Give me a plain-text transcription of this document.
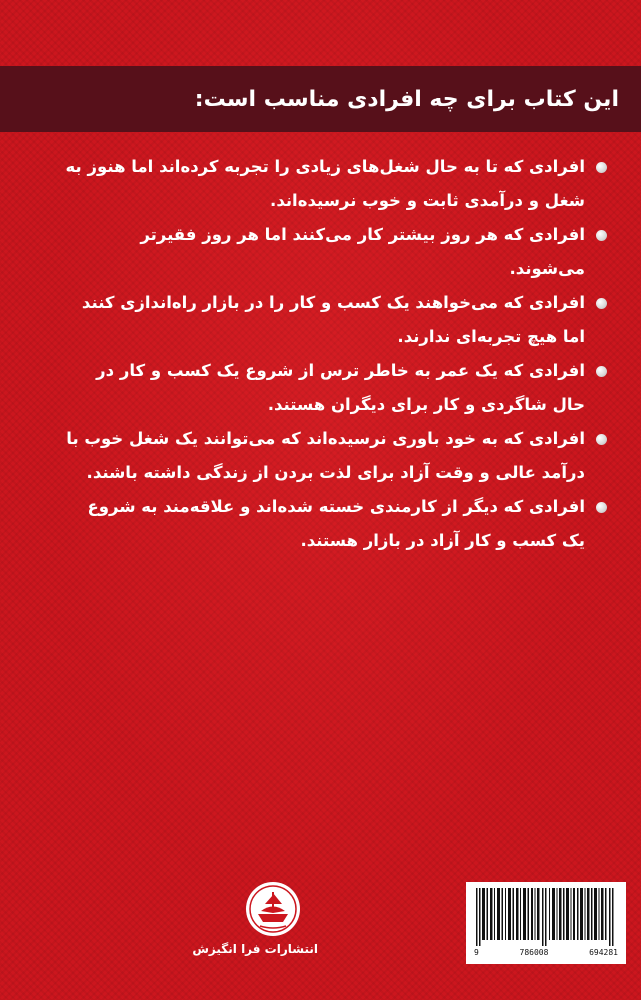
این کتاب برای چه افرادی مناسب است:
افرادی که تا به حال شغل‌های زیادی را تجربه کرده‌اند اما هنوز به شغل و درآمدی ثابت و خوب نرسیده‌اند.
افرادی که هر روز بیشتر کار می‌کنند اما هر روز فقیرتر می‌شوند.
افرادی که می‌خواهند یک کسب و کار را در بازار راه‌اندازی کنند اما هیچ تجربه‌ای ندارند.
افرادی که یک عمر به خاطر ترس از شروع یک کسب و کار در حال شاگردی و کار برای دیگران هستند.
افرادی که به خود باوری نرسیده‌اند که می‌توانند یک شغل خوب با درآمد عالی و وقت آزاد برای لذت بردن از زندگی داشته باشند.
افرادی که دیگر از کارمندی خسته شده‌اند و علاقه‌مند به شروع یک کسب و کار آزاد در بازار هستند.
انتشارات فرا انگیزش	9	786008	694281
